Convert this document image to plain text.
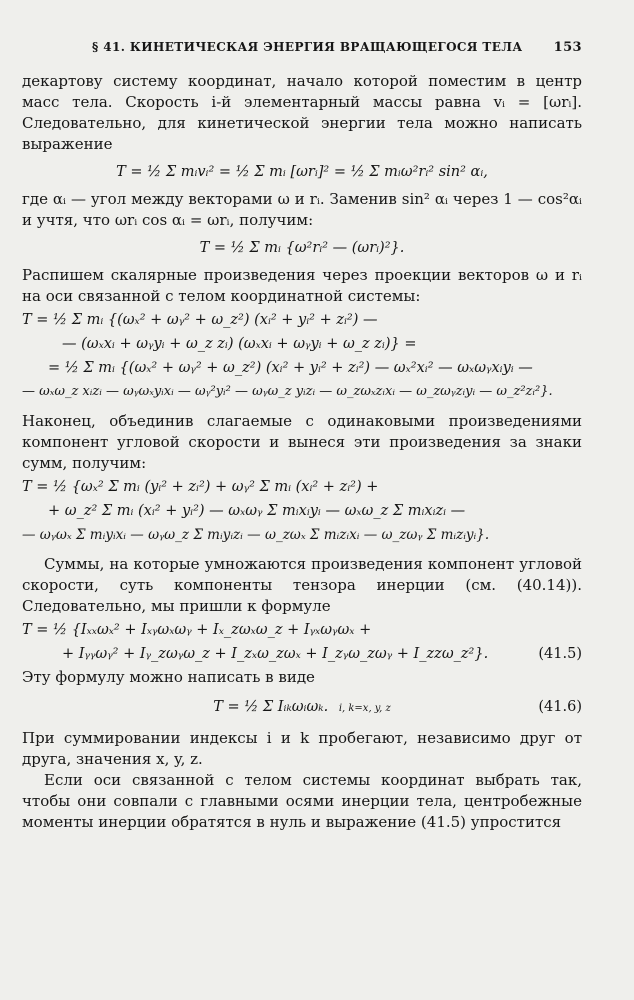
§ 41. КИНЕТИЧЕСКАЯ ЭНЕРГИЯ ВРАЩАЮЩЕГОСЯ ТЕЛА 153

декартову систему координат, начало которой поместим в центр масс тела. Скорость i-й элементарный массы равна vᵢ = [ωrᵢ]. Следовательно, для кинетической энергии тела можно написать выражение

T = ½ Σ mᵢvᵢ² = ½ Σ mᵢ [ωrᵢ]² = ½ Σ mᵢω²rᵢ² sin² αᵢ,

где αᵢ — угол между векторами ω и rᵢ. Заменив sin² αᵢ через 1 — cos²αᵢ и учтя, что ωrᵢ cos αᵢ = ωrᵢ, получим:

T = ½ Σ mᵢ {ω²rᵢ² — (ωrᵢ)²}.

Распишем скалярные произведения через проекции векторов ω и rᵢ на оси связанной с телом координатной системы:

T = ½ Σ mᵢ {(ωₓ² + ωᵧ² + ω_z²) (xᵢ² + yᵢ² + zᵢ²) —
— (ωₓxᵢ + ωᵧyᵢ + ω_z zᵢ) (ωₓxᵢ + ωᵧyᵢ + ω_z zᵢ)} =
= ½ Σ mᵢ {(ωₓ² + ωᵧ² + ω_z²) (xᵢ² + yᵢ² + zᵢ²) — ωₓ²xᵢ² — ωₓωᵧxᵢyᵢ —
— ωₓω_z xᵢzᵢ — ωᵧωₓyᵢxᵢ — ωᵧ²yᵢ² — ωᵧω_z yᵢzᵢ — ω_zωₓzᵢxᵢ — ω_zωᵧzᵢyᵢ — ω_z²zᵢ²}.

Наконец, объединив слагаемые с одинаковыми произведениями компонент угловой скорости и вынеся эти произведения за знаки сумм, получим:

T = ½ {ωₓ² Σ mᵢ (yᵢ² + zᵢ²) + ωᵧ² Σ mᵢ (xᵢ² + zᵢ²) +
+ ω_z² Σ mᵢ (xᵢ² + yᵢ²) — ωₓωᵧ Σ mᵢxᵢyᵢ — ωₓω_z Σ mᵢxᵢzᵢ —
— ωᵧωₓ Σ mᵢyᵢxᵢ — ωᵧω_z Σ mᵢyᵢzᵢ — ω_zωₓ Σ mᵢzᵢxᵢ — ω_zωᵧ Σ mᵢzᵢyᵢ}.

Суммы, на которые умножаются произведения компонент угловой скорости, суть компоненты тензора инерции (см. (40.14)). Следовательно, мы пришли к формуле

T = ½ {Iₓₓωₓ² + Iₓᵧωₓωᵧ + Iₓ_zωₓω_z + Iᵧₓωᵧωₓ +
+ Iᵧᵧωᵧ² + Iᵧ_zωᵧω_z + I_zₓω_zωₓ + I_zᵧω_zωᵧ + I_zzω_z²}.	(41.5)

Эту формулу можно написать в виде

T = ½ Σ Iᵢₖωᵢωₖ. i, k=x, y, z	(41.6)

При суммировании индексы i и k пробегают, независимо друг от друга, значения x, y, z.

Если оси связанной с телом системы координат выбрать так, чтобы они совпали с главными осями инерции тела, центробежные моменты инерции обратятся в нуль и выражение (41.5) упростится
